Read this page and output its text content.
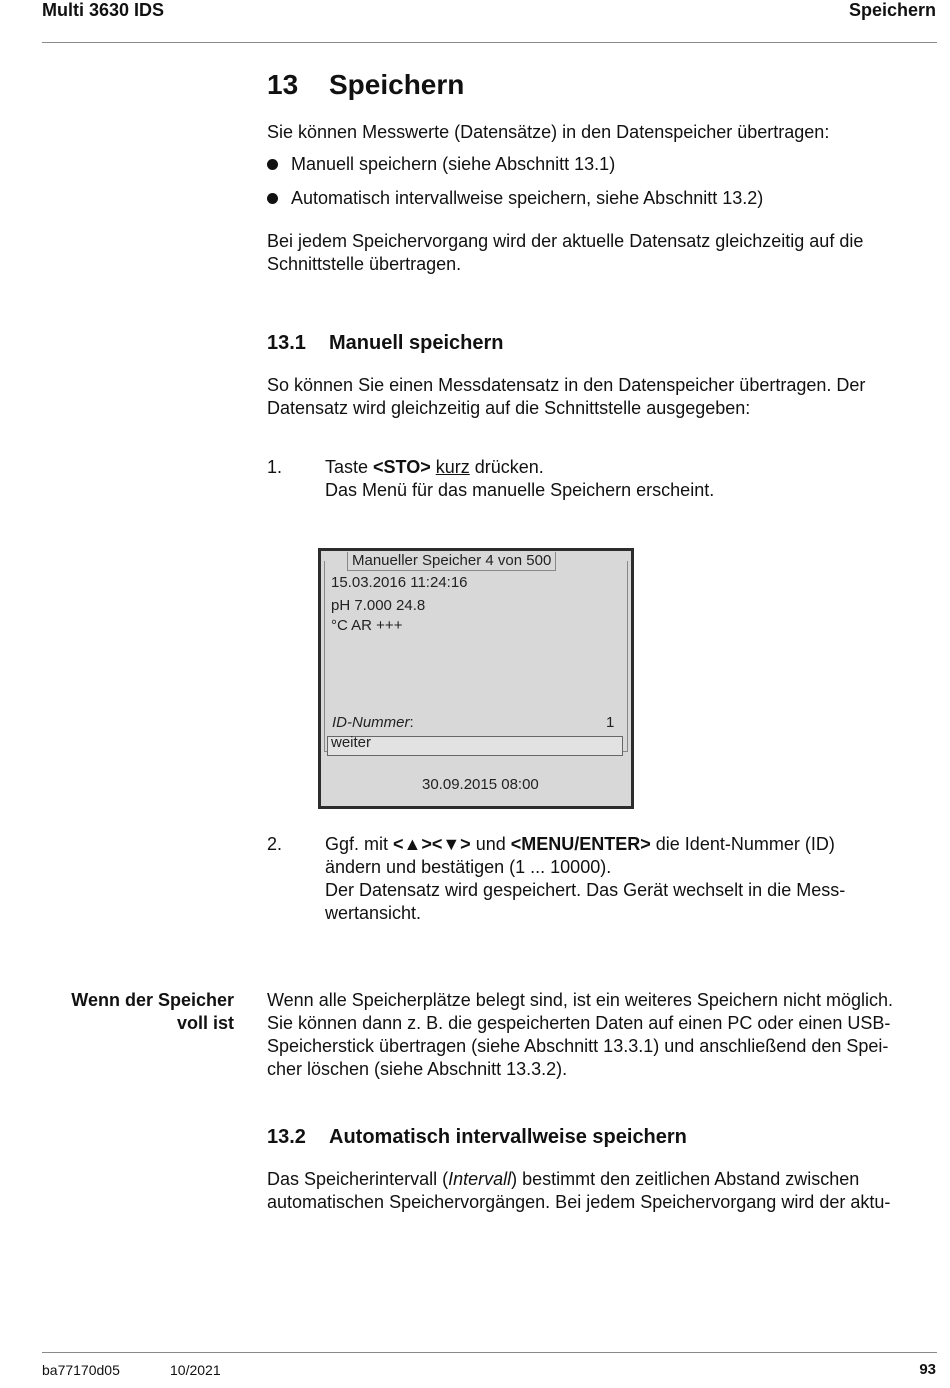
Multi 3630 IDS	Speichern
13 Speichern
Sie können Messwerte (Datensätze) in den Datenspeicher übertragen:
Manuell speichern (siehe Abschnitt 13.1)
Automatisch intervallweise speichern, siehe Abschnitt 13.2)
Bei jedem Speichervorgang wird der aktuelle Datensatz gleichzeitig auf die
Schnittstelle übertragen.
13.1 Manuell speichern
So können Sie einen Messdatensatz in den Datenspeicher übertragen. Der
Datensatz wird gleichzeitig auf die Schnittstelle ausgegeben:
1. Taste <STO> kurz drücken.
Das Menü für das manuelle Speichern erscheint.
Manueller Speicher 4 von 500
15.03.2016 11:24:16
pH 7.000 24.8
°C AR +++
ID-Nummer:	1
weiter
30.09.2015 08:00
2. Ggf. mit <▲><▼> und <MENU/ENTER> die Ident-Nummer (ID)
ändern und bestätigen (1 ... 10000).
Der Datensatz wird gespeichert. Das Gerät wechselt in die Mess-
wertansicht.
Wenn der Speicher
voll ist
Wenn alle Speicherplätze belegt sind, ist ein weiteres Speichern nicht möglich.
Sie können dann z. B. die gespeicherten Daten auf einen PC oder einen USB-
Speicherstick übertragen (siehe Abschnitt 13.3.1) und anschließend den Spei-
cher löschen (siehe Abschnitt 13.3.2).
13.2 Automatisch intervallweise speichern
Das Speicherintervall (Intervall) bestimmt den zeitlichen Abstand zwischen
automatischen Speichervorgängen. Bei jedem Speichervorgang wird der aktu-
ba77170d05	10/2021	93
